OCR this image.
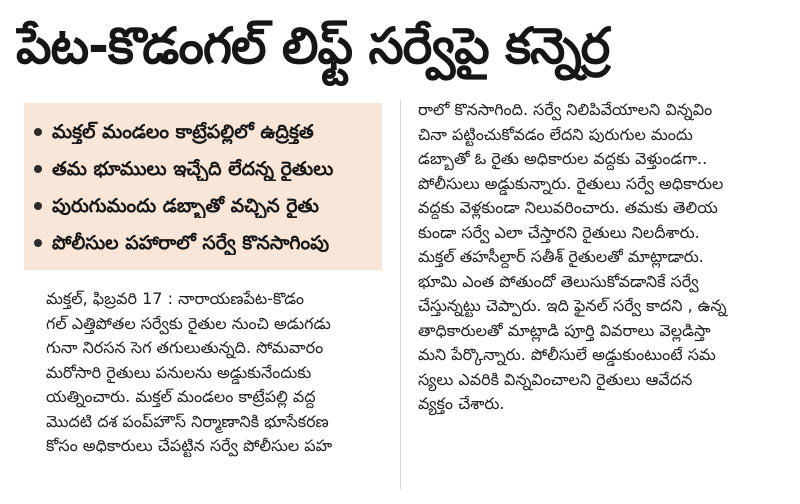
పేట-కొడంగల్ లిఫ్ట్ సర్వేపై కన్నెర్ర
మక్తల్ మండలం కాట్రేపల్లిలో ఉద్రిక్తత
తమ భూములు ఇచ్చేది లేదన్న రైతులు
పురుగుమందు డబ్బాతో వచ్చిన రైతు
పోలీసుల పహారాలో సర్వే కొనసాగింపు
మక్తల్, ఫిబ్రవరి 17 : నారాయణపేట-కొడం
గల్ ఎత్తిపోతల సర్వేకు రైతుల నుంచి అడుగడు
గునా నిరసన సెగ తగులుతున్నది. సోమవారం
మరోసారి రైతులు పనులను అడ్డుకునేందుకు
యత్నించారు. మక్తల్ మండలం కాట్రేపల్లి వద్ద
మొదటి దశ పంప్‌హౌస్ నిర్మాణానికి భూసేకరణ
కోసం అధికారులు చేపట్టిన సర్వే పోలీసుల పహ
రాలో కొనసాగింది. సర్వే నిలిపివేయాలని విన్నవిం
చినా పట్టించుకోవడం లేదని పురుగుల మందు
డబ్బాతో ఓ రైతు అధికారుల వద్దకు వెళ్తుండగా..
పోలీసులు అడ్డుకున్నారు. రైతులు సర్వే అధికారుల
వద్దకు వెళ్లకుండా నిలువరించారు. తమకు తెలియ
కుండా సర్వే ఎలా చేస్తారని రైతులు నిలదీశారు.
మక్తల్ తహసీల్దార్ సతీశ్ రైతులతో మాట్లాడారు.
భూమి ఎంత పోతుందో తెలుసుకోవడానికే సర్వే
చేస్తున్నట్టు చెప్పారు. ఇది ఫైనల్ సర్వే కాదని , ఉన్న
తాధికారులతో మాట్లాడి పూర్తి వివరాలు వెల్లడిస్తా
మని పేర్కొన్నారు. పోలీసులే అడ్డుకుంటుంటే సమ
స్యలు ఎవరికి విన్నవించాలని రైతులు ఆవేదన
వ్యక్తం చేశారు.
